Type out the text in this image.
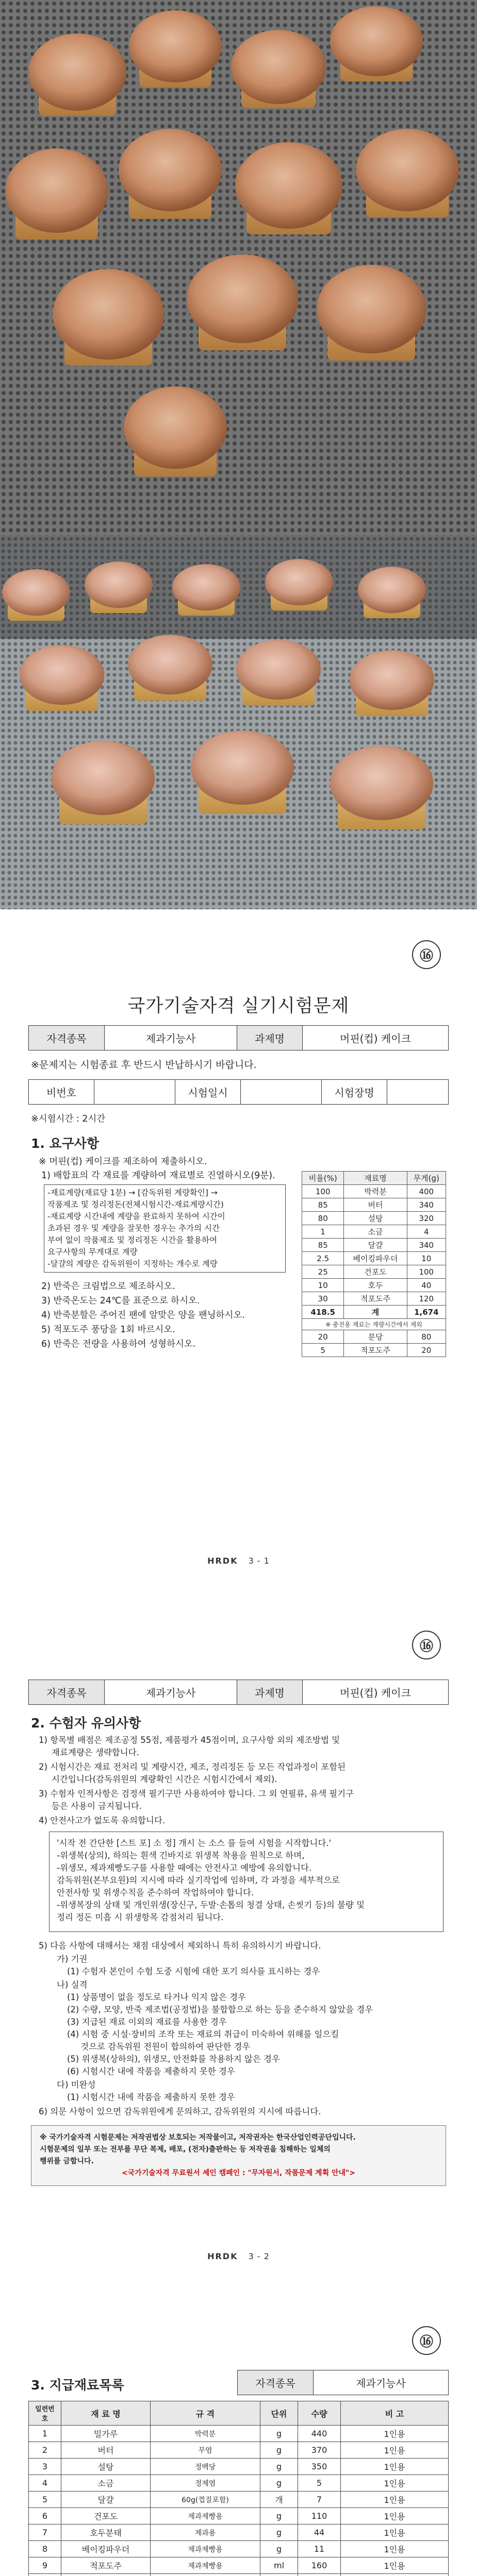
⑯
국가기술자격 실기시험문제
자격종목	제과기능사	과제명	머핀(컵) 케이크
※문제지는 시험종료 후 반드시 반납하시기 바랍니다.
비번호		시험일시		시험장명	
※시험시간 : 2시간
1. 요구사항
※ 머핀(컵) 케이크를 제조하여 제출하시오.
1) 배합표의 각 재료를 계량하여 재료별로 진열하시오(9분).
-재료계량(재료당 1분) → [감독위원 계량확인] →
작품제조 및 정리정돈(전체시험시간-재료계량시간)
-재료계량 시간내에 계량을 완료하지 못하여 시간이
초과된 경우 및 계량을 잘못한 경우는 추가의 시간
부여 없이 작품제조 및 정리정돈 시간을 활용하여
요구사항의 무게대로 계량
-달걀의 계량은 감독위원이 지정하는 개수로 계량
2) 반죽은 크림법으로 제조하시오.
3) 반죽온도는 24℃를 표준으로 하시오.
4) 반죽분할은 주어진 팬에 알맞은 양을 팬닝하시오.
5) 적포도주 풍당을 1회 바르시오.
6) 반죽은 전량을 사용하여 성형하시오.
비율(%)	재료명	무게(g)
100	박력분	400
85	버터	340
80	설탕	320
1	소금	4
85	달걀	340
2.5	베이킹파우더	10
25	건포도	100
10	호두	40
30	적포도주	120
418.5	계	1,674
※ 충전용 재료는 계량시간에서 제외		
20	분당	80
5	적포도주	20
HRDK 3 - 1
⑯
자격종목	제과기능사	과제명	머핀(컵) 케이크
2. 수험자 유의사항
1) 항목별 배점은 제조공정 55점, 제품평가 45점이며, 요구사항 외의 제조방법 및
재료계량은 생략합니다.
2) 시험시간은 재료 전처리 및 계량시간, 제조, 정리정돈 등 모든 작업과정이 포함된
시간입니다(감독위원의 계량확인 시간은 시험시간에서 제외).
3) 수험자 인적사항은 검정색 필기구만 사용하여야 합니다. 그 외 연필류, 유색 필기구
등은 사용이 금지됩니다.
4) 안전사고가 없도록 유의합니다.
'시작 전 간단한 [스트 포] 소 정] 개시 는 소스 를 들여 시험을 시작합니다.'
-위생복(상의), 하의는 흰색 긴바지로 위생복 착용을 원칙으로 하며,
-위생모, 제과제빵도구를 사용할 때에는 안전사고 예방에 유의합니다.
감독위원(본부요원)의 지시에 따라 실기작업에 임하며, 각 과정을 세부적으로
안전사항 및 위생수칙을 준수하여 작업하여야 합니다.
-위생복장의 상태 및 개인위생(장신구, 두발·손톱의 청결 상태, 손씻기 등)의 불량 및
정리 정돈 미흡 시 위생항목 감점처리 됩니다.
5) 다음 사항에 대해서는 채점 대상에서 제외하니 특히 유의하시기 바랍니다.
가) 기권
(1) 수험자 본인이 수험 도중 시험에 대한 포기 의사를 표시하는 경우
나) 실격
(1) 상품명이 없을 정도로 타거나 익지 않은 경우
(2) 수량, 모양, 반죽 제조법(공정법)을 불합합으로 하는 등을 준수하지 않았을 경우
(3) 지급된 재료 이외의 재료를 사용한 경우
(4) 시험 중 시설·장비의 조작 또는 재료의 취급이 미숙하여 위해를 일으킬
것으로 감독위원 전원이 합의하여 판단한 경우
(5) 위생복(상하의), 위생모, 안전화를 착용하지 않은 경우
(6) 시험시간 내에 작품을 제출하지 못한 경우
다) 미완성
(1) 시험시간 내에 작품을 제출하지 못한 경우
6) 의문 사항이 있으면 감독위원에게 문의하고, 감독위원의 지시에 따릅니다.
※ 국가기술자격 시험문제는 저작권법상 보호되는 저작물이고, 저작권자는 한국산업인력공단입니다.
시험문제의 일부 또는 전부를 무단 복제, 배포, (전자)출판하는 등 저작권을 침해하는 일체의
행위를 금합니다.
<국가기술자격 무료원서 셰인 캠페인 : "무자원서, 작품문제 계획 안내">
HRDK 3 - 2
⑯
3. 지급재료목록	자격종목	제과기능사
일련번호	재 료 명	규 격	단위	수량	비 고
1	밀가루	박력분	g	440	1인용
2	버터	무염	g	370	1인용
3	설탕	정백당	g	350	1인용
4	소금	정제염	g	5	1인용
5	달걀	60g(껍질포함)	개	7	1인용
6	건포도	제과제빵용	g	110	1인용
7	호두분태	제과용	g	44	1인용
8	베이킹파우더	제과제빵용	g	11	1인용
9	적포도주	제과제빵용	ml	160	1인용
